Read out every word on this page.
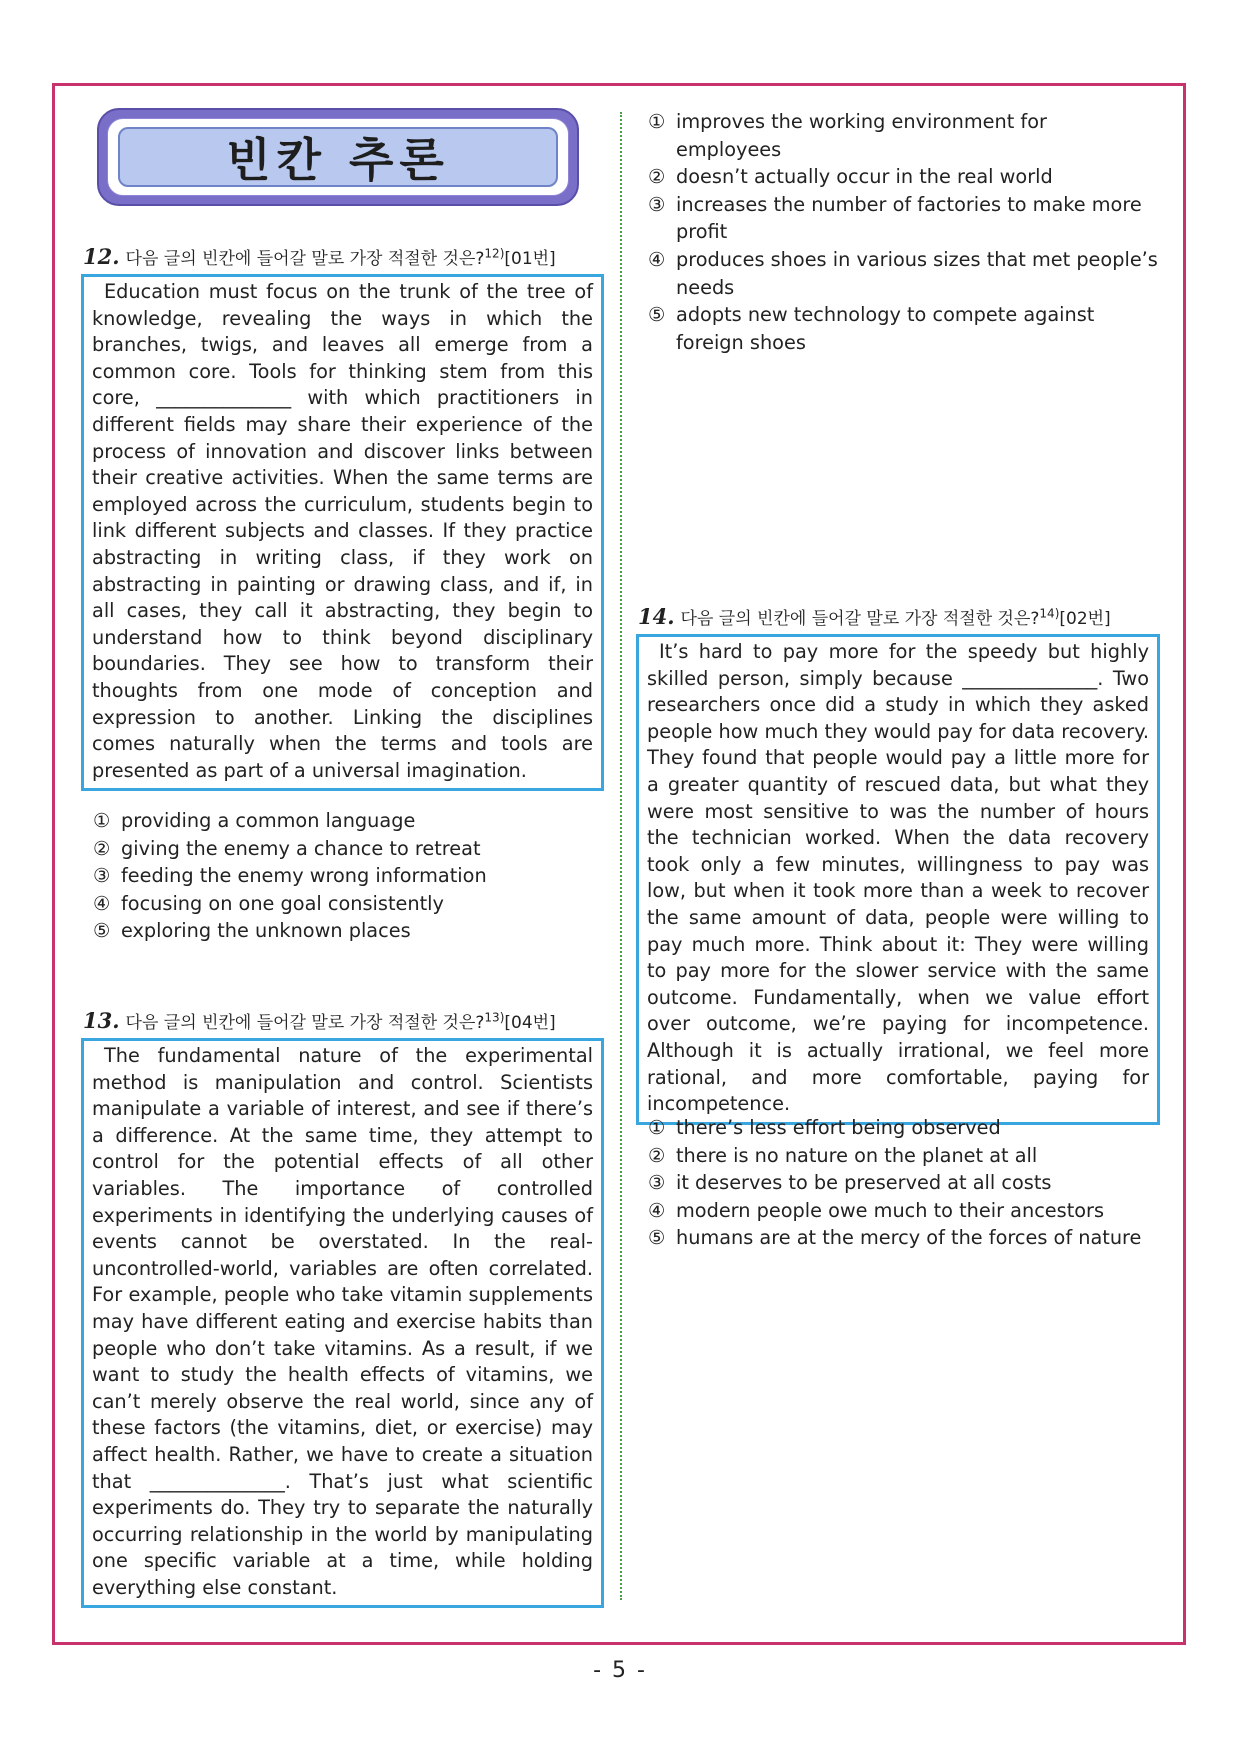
빈칸 추론
12. 다음 글의 빈칸에 들어갈 말로 가장 적절한 것은?$^{12)}$[01번]

Education must focus on the trunk of the tree of knowledge, revealing the ways in which the branches, twigs, and leaves all emerge from a common core. Tools for thinking stem from this core, ______________ with which practitioners in different fields may share their experience of the process of innovation and discover links between their creative activities. When the same terms are employed across the curriculum, students begin to link different subjects and classes. If they practice abstracting in writing class, if they work on abstracting in painting or drawing class, and if, in all cases, they call it abstracting, they begin to understand how to think beyond disciplinary boundaries. They see how to transform their thoughts from one mode of conception and expression to another. Linking the disciplines comes naturally when the terms and tools are presented as part of a universal imagination.

① providing a common language
② giving the enemy a chance to retreat
③ feeding the enemy wrong information
④ focusing on one goal consistently
⑤ exploring the unknown places
13. 다음 글의 빈칸에 들어갈 말로 가장 적절한 것은?$^{13)}$[04번]

The fundamental nature of the experimental method is manipulation and control. Scientists manipulate a variable of interest, and see if there’s a difference. At the same time, they attempt to control for the potential effects of all other variables. The importance of controlled experiments in identifying the underlying causes of events cannot be overstated. In the real-uncontrolled-world, variables are often correlated. For example, people who take vitamin supplements may have different eating and exercise habits than people who don’t take vitamins. As a result, if we want to study the health effects of vitamins, we can’t merely observe the real world, since any of these factors (the vitamins, diet, or exercise) may affect health. Rather, we have to create a situation that ______________. That’s just what scientific experiments do. They try to separate the naturally occurring relationship in the world by manipulating one specific variable at a time, while holding everything else constant.

① improves the working environment for employees
② doesn’t actually occur in the real world
③ increases the number of factories to make more profit
④ produces shoes in various sizes that met people’s needs
⑤ adopts new technology to compete against foreign shoes
14. 다음 글의 빈칸에 들어갈 말로 가장 적절한 것은?$^{14)}$[02번]

It’s hard to pay more for the speedy but highly skilled person, simply because ______________. Two researchers once did a study in which they asked people how much they would pay for data recovery. They found that people would pay a little more for a greater quantity of rescued data, but what they were most sensitive to was the number of hours the technician worked. When the data recovery took only a few minutes, willingness to pay was low, but when it took more than a week to recover the same amount of data, people were willing to pay much more. Think about it: They were willing to pay more for the slower service with the same outcome. Fundamentally, when we value effort over outcome, we’re paying for incompetence. Although it is actually irrational, we feel more rational, and more comfortable, paying for incompetence.

① there’s less effort being observed
② there is no nature on the planet at all
③ it deserves to be preserved at all costs
④ modern people owe much to their ancestors
⑤ humans are at the mercy of the forces of nature
- 5 -
